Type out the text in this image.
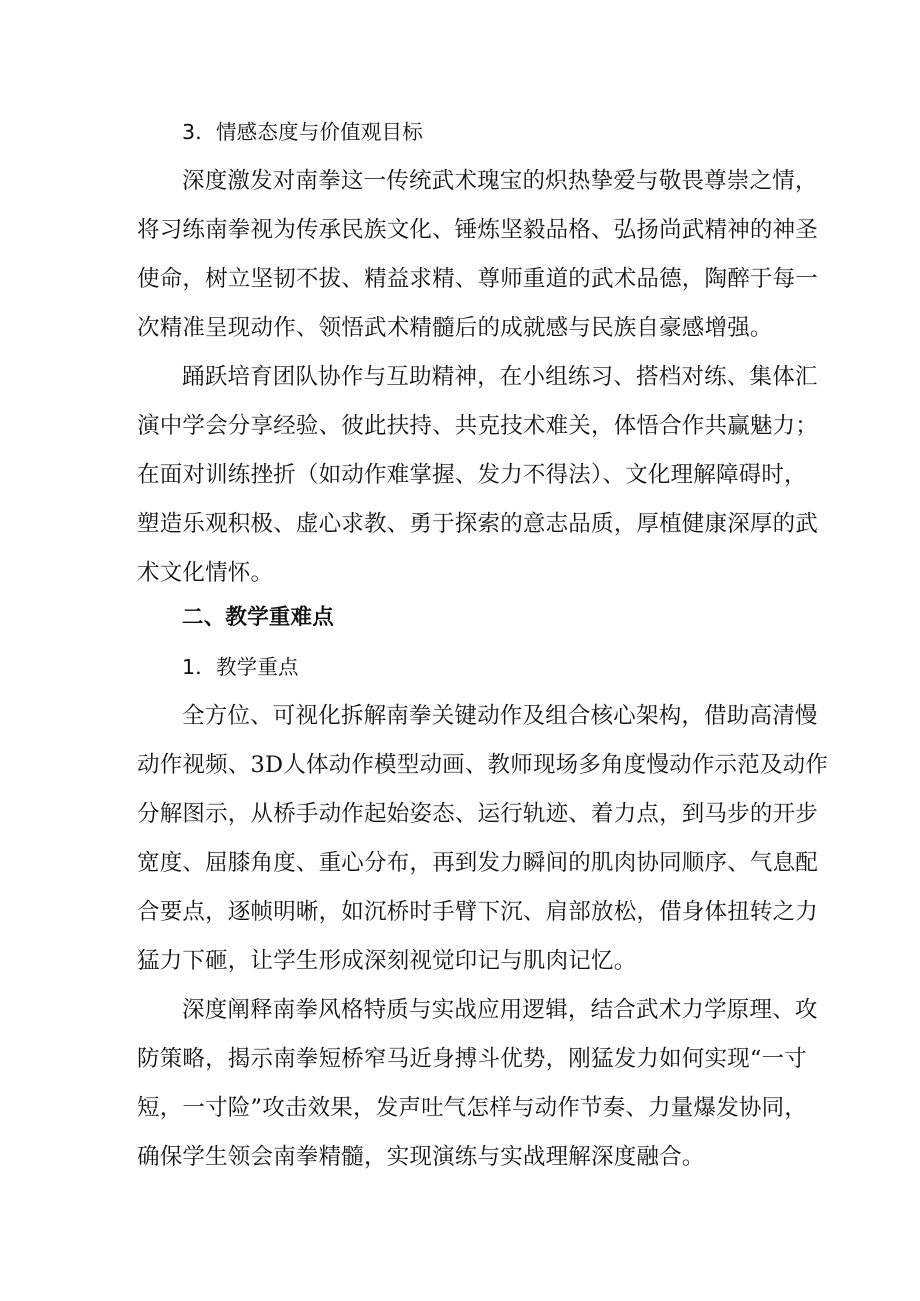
3．情感态度与价值观目标
深度激发对南拳这一传统武术瑰宝的炽热挚爱与敬畏尊崇之情，
将习练南拳视为传承民族文化、锤炼坚毅品格、弘扬尚武精神的神圣
使命，树立坚韧不拔、精益求精、尊师重道的武术品德，陶醉于每一
次精准呈现动作、领悟武术精髓后的成就感与民族自豪感增强。
踊跃培育团队协作与互助精神，在小组练习、搭档对练、集体汇
演中学会分享经验、彼此扶持、共克技术难关，体悟合作共赢魅力；
在面对训练挫折（如动作难掌握、发力不得法）、文化理解障碍时，
塑造乐观积极、虚心求教、勇于探索的意志品质，厚植健康深厚的武
术文化情怀。
二、教学重难点
1．教学重点
全方位、可视化拆解南拳关键动作及组合核心架构，借助高清慢
动作视频、3D人体动作模型动画、教师现场多角度慢动作示范及动作
分解图示，从桥手动作起始姿态、运行轨迹、着力点，到马步的开步
宽度、屈膝角度、重心分布，再到发力瞬间的肌肉协同顺序、气息配
合要点，逐帧明晰，如沉桥时手臂下沉、肩部放松，借身体扭转之力
猛力下砸，让学生形成深刻视觉印记与肌肉记忆。
深度阐释南拳风格特质与实战应用逻辑，结合武术力学原理、攻
防策略，揭示南拳短桥窄马近身搏斗优势，刚猛发力如何实现“一寸
短，一寸险”攻击效果，发声吐气怎样与动作节奏、力量爆发协同，
确保学生领会南拳精髓，实现演练与实战理解深度融合。
